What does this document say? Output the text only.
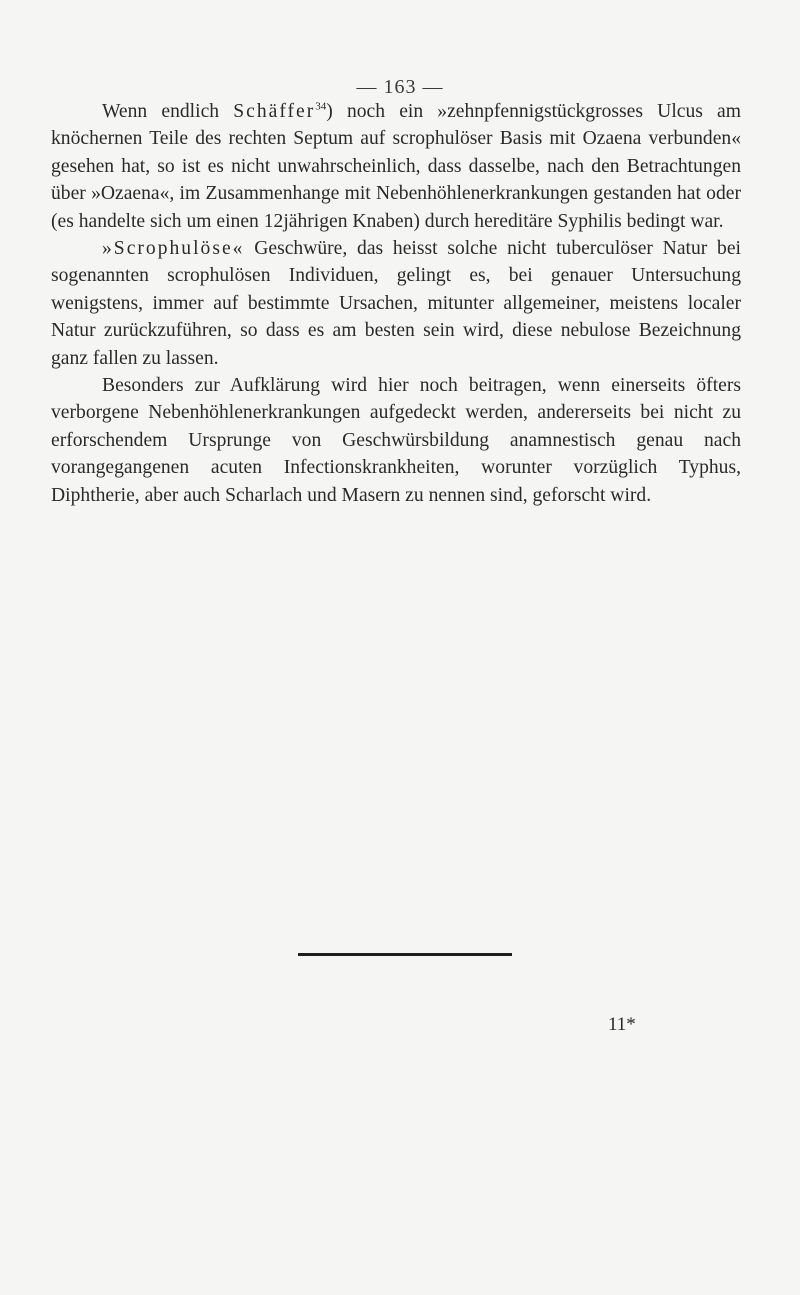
— 163 —

Wenn endlich Schäffer$^{34}$) noch ein »zehnpfennigstückgrosses Ulcus am knöchernen Teile des rechten Septum auf scrophulöser Basis mit Ozaena verbunden« gesehen hat, so ist es nicht unwahrscheinlich, dass dasselbe, nach den Betrachtungen über »Ozaena«, im Zusammenhange mit Nebenhöhlenerkrankungen gestanden hat oder (es handelte sich um einen 12jährigen Knaben) durch hereditäre Syphilis bedingt war.

»Scrophulöse« Geschwüre, das heisst solche nicht tuberculöser Natur bei sogenannten scrophulösen Individuen, gelingt es, bei genauer Untersuchung wenigstens, immer auf bestimmte Ursachen, mitunter allgemeiner, meistens localer Natur zurückzuführen, so dass es am besten sein wird, diese nebulose Bezeichnung ganz fallen zu lassen.

Besonders zur Aufklärung wird hier noch beitragen, wenn einerseits öfters verborgene Nebenhöhlenerkrankungen aufgedeckt werden, andererseits bei nicht zu erforschendem Ursprunge von Geschwürsbildung anamnestisch genau nach vorangegangenen acuten Infectionskrankheiten, worunter vorzüglich Typhus, Diphtherie, aber auch Scharlach und Masern zu nennen sind, geforscht wird.

11*
